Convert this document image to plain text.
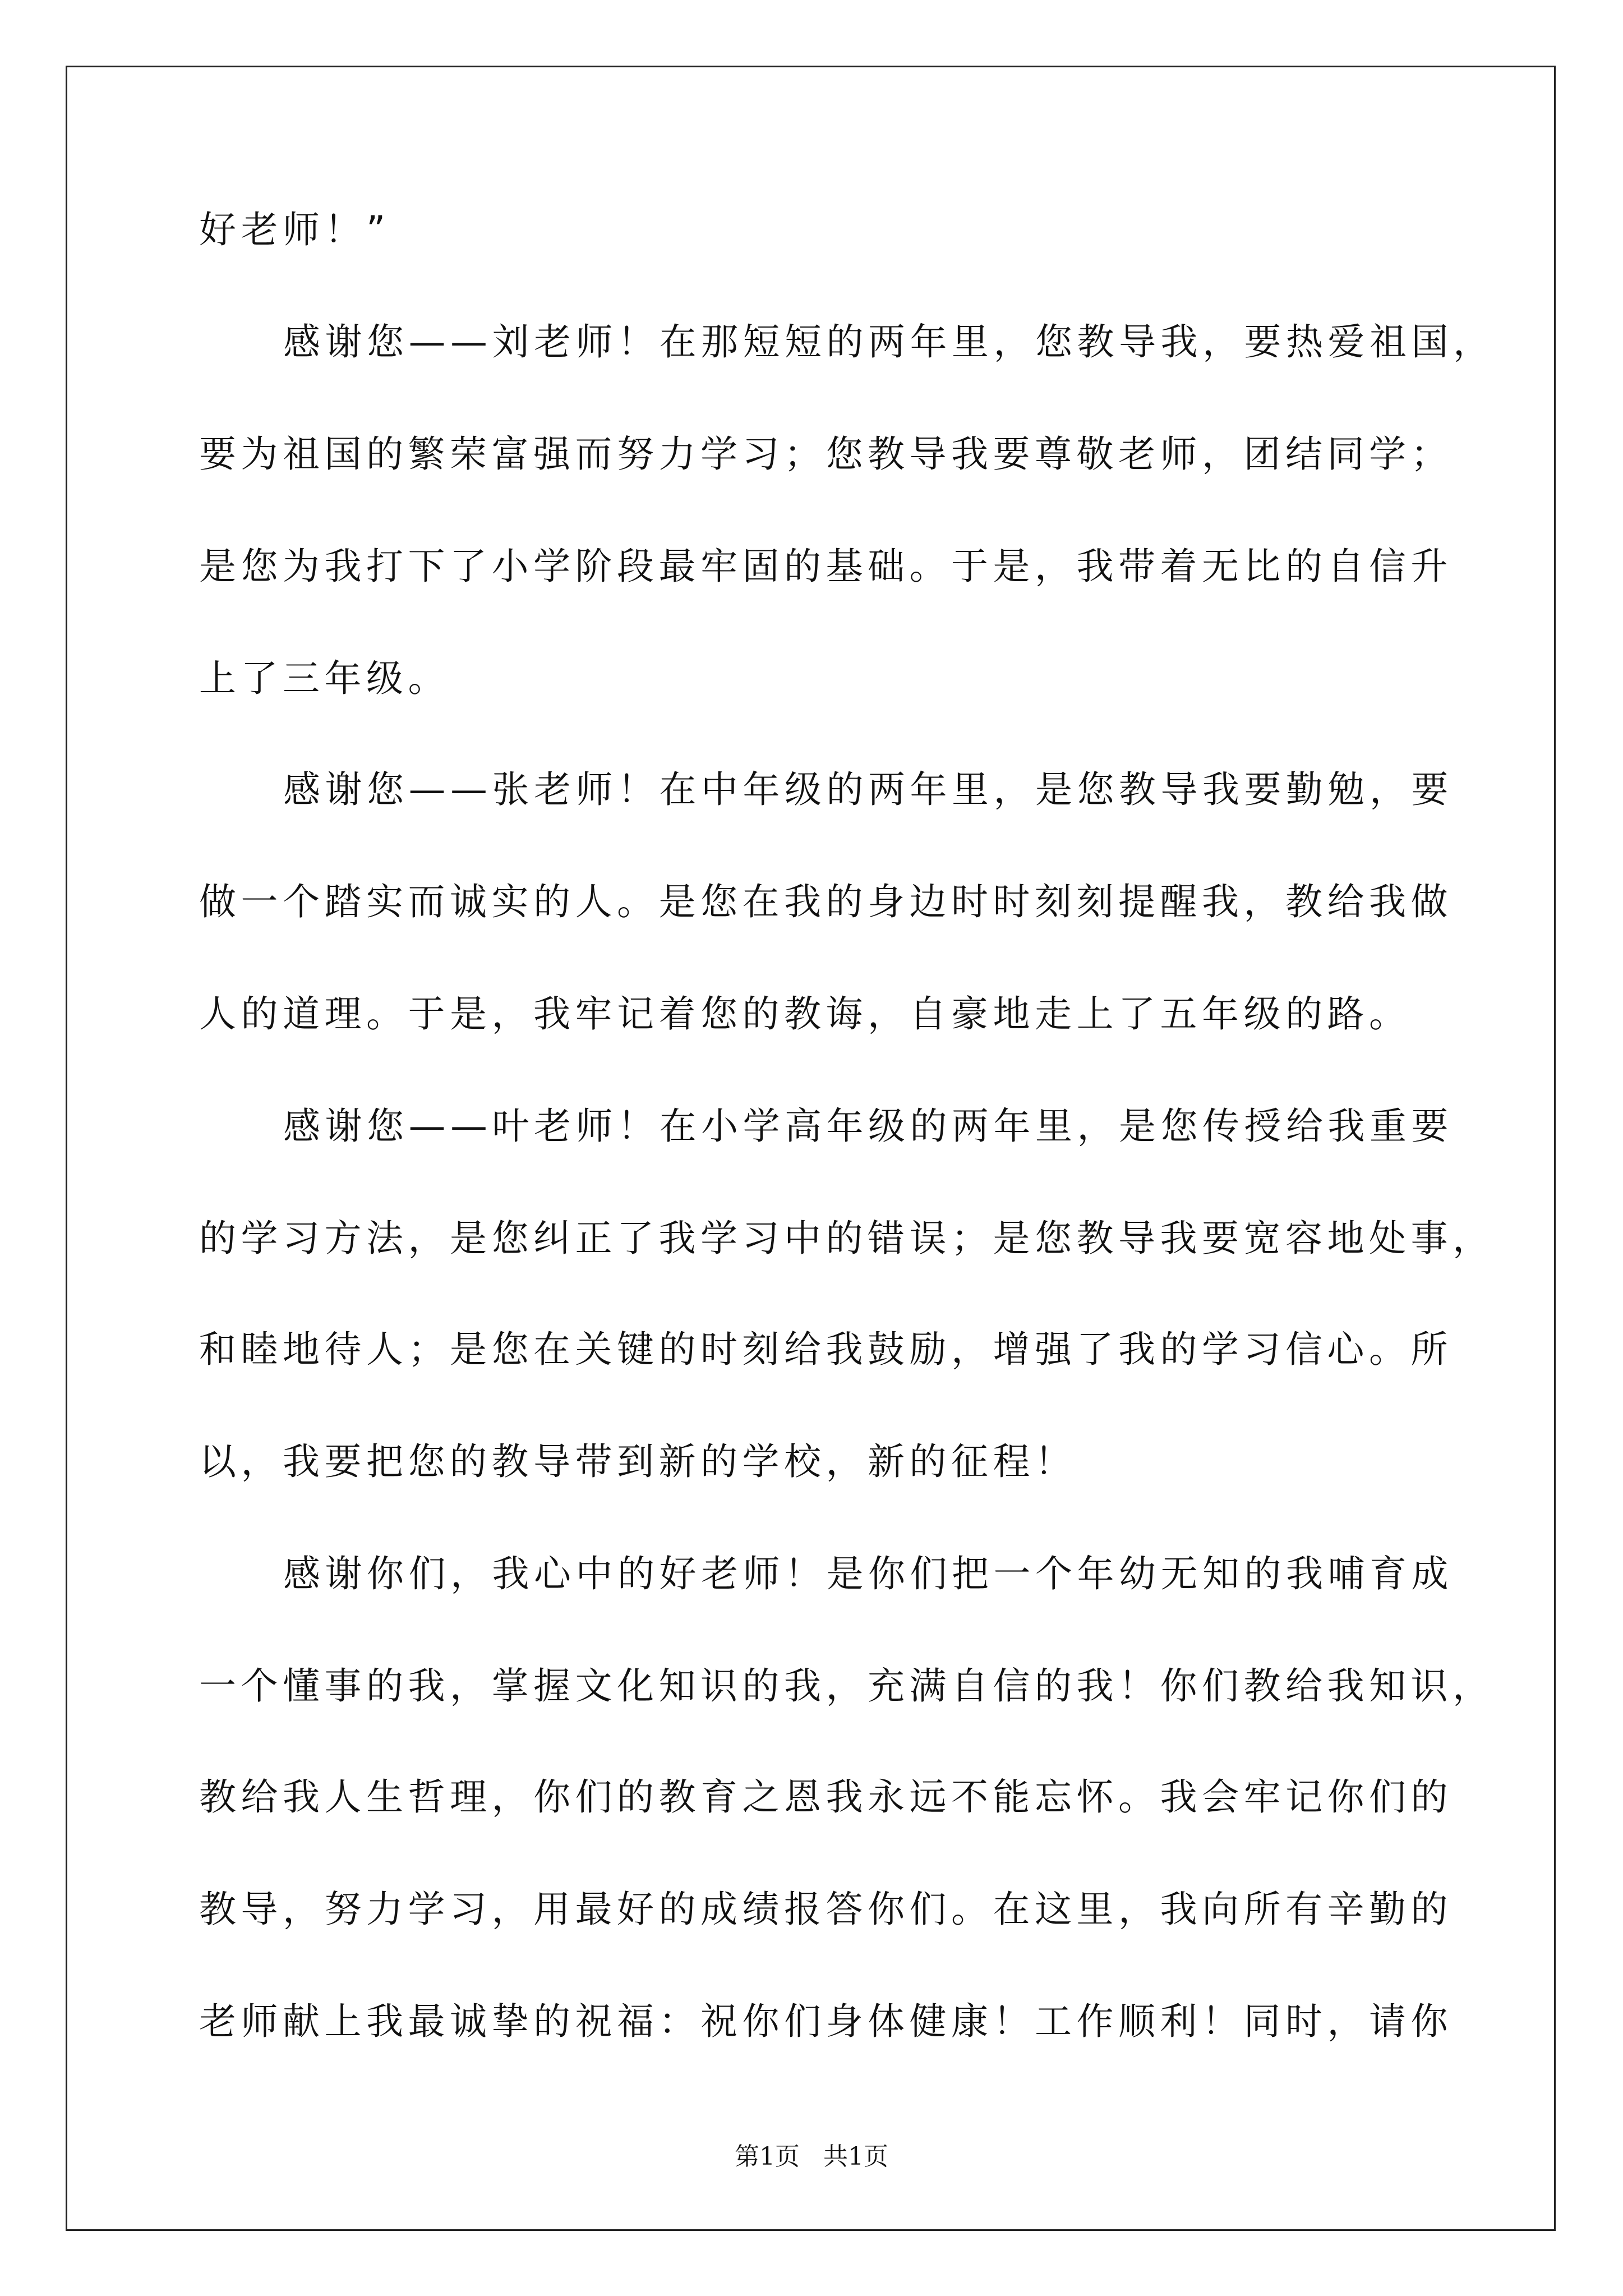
好老师！”
感谢您——刘老师！在那短短的两年里，您教导我，要热爱祖国，
要为祖国的繁荣富强而努力学习；您教导我要尊敬老师，团结同学；
是您为我打下了小学阶段最牢固的基础。于是，我带着无比的自信升
上了三年级。
感谢您——张老师！在中年级的两年里，是您教导我要勤勉，要
做一个踏实而诚实的人。是您在我的身边时时刻刻提醒我，教给我做
人的道理。于是，我牢记着您的教诲，自豪地走上了五年级的路。
感谢您——叶老师！在小学高年级的两年里，是您传授给我重要
的学习方法，是您纠正了我学习中的错误；是您教导我要宽容地处事，
和睦地待人；是您在关键的时刻给我鼓励，增强了我的学习信心。所
以，我要把您的教导带到新的学校，新的征程！
感谢你们，我心中的好老师！是你们把一个年幼无知的我哺育成
一个懂事的我，掌握文化知识的我，充满自信的我！你们教给我知识，
教给我人生哲理，你们的教育之恩我永远不能忘怀。我会牢记你们的
教导，努力学习，用最好的成绩报答你们。在这里，我向所有辛勤的
老师献上我最诚挚的祝福：祝你们身体健康！工作顺利！同时，请你
第1页   共1页
